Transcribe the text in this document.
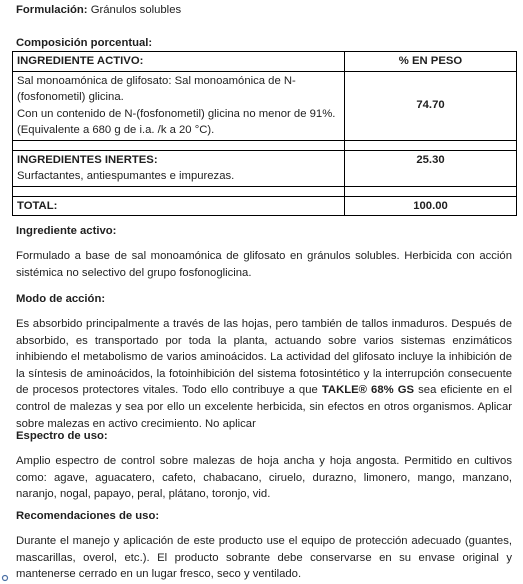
Formulación: Gránulos solubles
Composición porcentual:
INGREDIENTE ACTIVO:	% EN PESO

Sal monoamónica de glifosato: Sal monoamónica de N-
(fosfonometil) glicina.
Con un contenido de N-(fosfonometil) glicina no menor de 91%.
(Equivalente a 680 g de i.a. /k a 20 °C).	74.70

INGREDIENTES INERTES:
Surfactantes, antiespumantes e impurezas.	25.30

TOTAL:	100.00
Ingrediente activo:
Formulado a base de sal monoamónica de glifosato en gránulos solubles. Herbicida con acción sistémica no selectivo del grupo fosfonoglicina.
Modo de acción:
Es absorbido principalmente a través de las hojas, pero también de tallos inmaduros. Después de absorbido, es transportado por toda la planta, actuando sobre varios sistemas enzimáticos inhibiendo el metabolismo de varios aminoácidos. La actividad del glifosato incluye la inhibición de la síntesis de aminoácidos, la fotoinhibición del sistema fotosintético y la interrupción consecuente de procesos protectores vitales. Todo ello contribuye a que TAKLE® 68% GS sea eficiente en el control de malezas y sea por ello un excelente herbicida, sin efectos en otros organismos. Aplicar sobre malezas en activo crecimiento. No aplicar
Espectro de uso:
Amplio espectro de control sobre malezas de hoja ancha y hoja angosta. Permitido en cultivos como: agave, aguacatero, cafeto, chabacano, ciruelo, durazno, limonero, mango, manzano, naranjo, nogal, papayo, peral, plátano, toronjo, vid.
Recomendaciones de uso:
Durante el manejo y aplicación de este producto use el equipo de protección adecuado (guantes, mascarillas, overol, etc.). El producto sobrante debe conservarse en su envase original y mantenerse cerrado en un lugar fresco, seco y ventilado.
